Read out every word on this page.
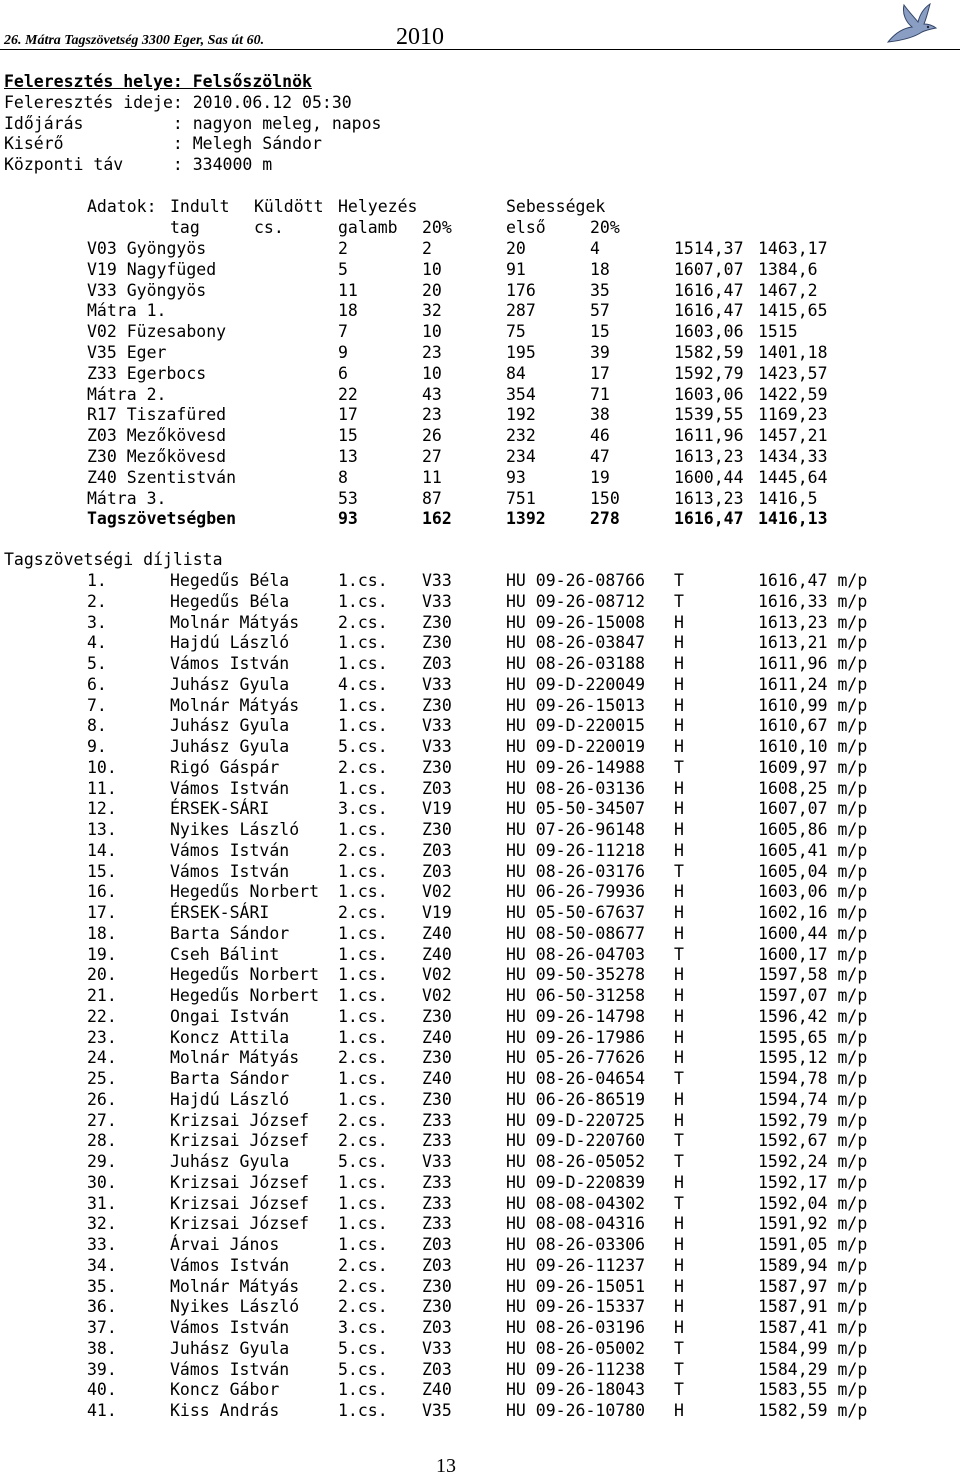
26. Mátra Tagszövetség 3300 Eger, Sas út 60.	2010
Feleresztés helye: Felsőszölnök
Feleresztés ideje: 2010.06.12 05:30
Időjárás         : nagyon meleg, napos
Kisérő           : Melegh Sándor
Központi táv     : 334000 m
Adatok: Indult Küldött Helyezés	Sebességek
tag	cs.	galamb 20%	első	20%
V03 Gyöngyös	2	2	20	4	1514,37 1463,17
V19 Nagyfüged	5	10	91	18	1607,07 1384,6
V33 Gyöngyös	11	20	176	35	1616,47 1467,2
Mátra 1.	18	32	287	57	1616,47 1415,65
V02 Füzesabony	7	10	75	15	1603,06 1515
V35 Eger	9	23	195	39	1582,59 1401,18
Z33 Egerbocs	6	10	84	17	1592,79 1423,57
Mátra 2.	22	43	354	71	1603,06 1422,59
R17 Tiszafüred	17	23	192	38	1539,55 1169,23
Z03 Mezőkövesd	15	26	232	46	1611,96 1457,21
Z30 Mezőkövesd	13	27	234	47	1613,23 1434,33
Z40 Szentistván	8	11	93	19	1600,44 1445,64
Mátra 3.	53	87	751	150	1613,23 1416,5
Tagszövetségben	93	162	1392	278	1616,47 1416,13
Tagszövetségi díjlista
1.	Hegedűs Béla	1.cs. V33	HU 09-26-08766 T	1616,47 m/p
2.	Hegedűs Béla	1.cs. V33	HU 09-26-08712 T	1616,33 m/p
3.	Molnár Mátyás 2.cs. Z30	HU 09-26-15008 H	1613,23 m/p
4.	Hajdú László	1.cs. Z30	HU 08-26-03847 H	1613,21 m/p
5.	Vámos István	1.cs. Z03	HU 08-26-03188 H	1611,96 m/p
6.	Juhász Gyula	4.cs. V33	HU 09-D-220049 H	1611,24 m/p
7.	Molnár Mátyás 1.cs. Z30	HU 09-26-15013 H	1610,99 m/p
8.	Juhász Gyula	1.cs. V33	HU 09-D-220015 H	1610,67 m/p
9.	Juhász Gyula	5.cs. V33	HU 09-D-220019 H	1610,10 m/p
10.	Rigó Gáspár	2.cs. Z30	HU 09-26-14988 T	1609,97 m/p
11.	Vámos István	1.cs. Z03	HU 08-26-03136 H	1608,25 m/p
12.	ÉRSEK-SÁRI	3.cs. V19	HU 05-50-34507 H	1607,07 m/p
13.	Nyikes László 1.cs. Z30	HU 07-26-96148 H	1605,86 m/p
14.	Vámos István	2.cs. Z03	HU 09-26-11218 H	1605,41 m/p
15.	Vámos István	1.cs. Z03	HU 08-26-03176 T	1605,04 m/p
16.	Hegedűs Norbert 1.cs. V02	HU 06-26-79936 H	1603,06 m/p
17.	ÉRSEK-SÁRI	2.cs. V19	HU 05-50-67637 H	1602,16 m/p
18.	Barta Sándor	1.cs. Z40	HU 08-50-08677 H	1600,44 m/p
19.	Cseh Bálint	1.cs. Z40	HU 08-26-04703 T	1600,17 m/p
20.	Hegedűs Norbert 1.cs. V02	HU 09-50-35278 H	1597,58 m/p
21.	Hegedűs Norbert 1.cs. V02	HU 06-50-31258 H	1597,07 m/p
22.	Ongai István	1.cs. Z30	HU 09-26-14798 H	1596,42 m/p
23.	Koncz Attila	1.cs. Z40	HU 09-26-17986 H	1595,65 m/p
24.	Molnár Mátyás 2.cs. Z30	HU 05-26-77626 H	1595,12 m/p
25.	Barta Sándor	1.cs. Z40	HU 08-26-04654 T	1594,78 m/p
26.	Hajdú László	1.cs. Z30	HU 06-26-86519 H	1594,74 m/p
27.	Krizsai József 2.cs. Z33	HU 09-D-220725 H	1592,79 m/p
28.	Krizsai József 2.cs. Z33	HU 09-D-220760 T	1592,67 m/p
29.	Juhász Gyula	5.cs. V33	HU 08-26-05052 T	1592,24 m/p
30.	Krizsai József 1.cs. Z33	HU 09-D-220839 H	1592,17 m/p
31.	Krizsai József 1.cs. Z33	HU 08-08-04302 T	1592,04 m/p
32.	Krizsai József 1.cs. Z33	HU 08-08-04316 H	1591,92 m/p
33.	Árvai János	1.cs. Z03	HU 08-26-03306 H	1591,05 m/p
34.	Vámos István	2.cs. Z03	HU 09-26-11237 H	1589,94 m/p
35.	Molnár Mátyás 2.cs. Z30	HU 09-26-15051 H	1587,97 m/p
36.	Nyikes László 2.cs. Z30	HU 09-26-15337 H	1587,91 m/p
37.	Vámos István	3.cs. Z03	HU 08-26-03196 H	1587,41 m/p
38.	Juhász Gyula	5.cs. V33	HU 08-26-05002 T	1584,99 m/p
39.	Vámos István	5.cs. Z03	HU 09-26-11238 T	1584,29 m/p
40.	Koncz Gábor	1.cs. Z40	HU 09-26-18043 T	1583,55 m/p
41.	Kiss András	1.cs. V35	HU 09-26-10780 H	1582,59 m/p
13
